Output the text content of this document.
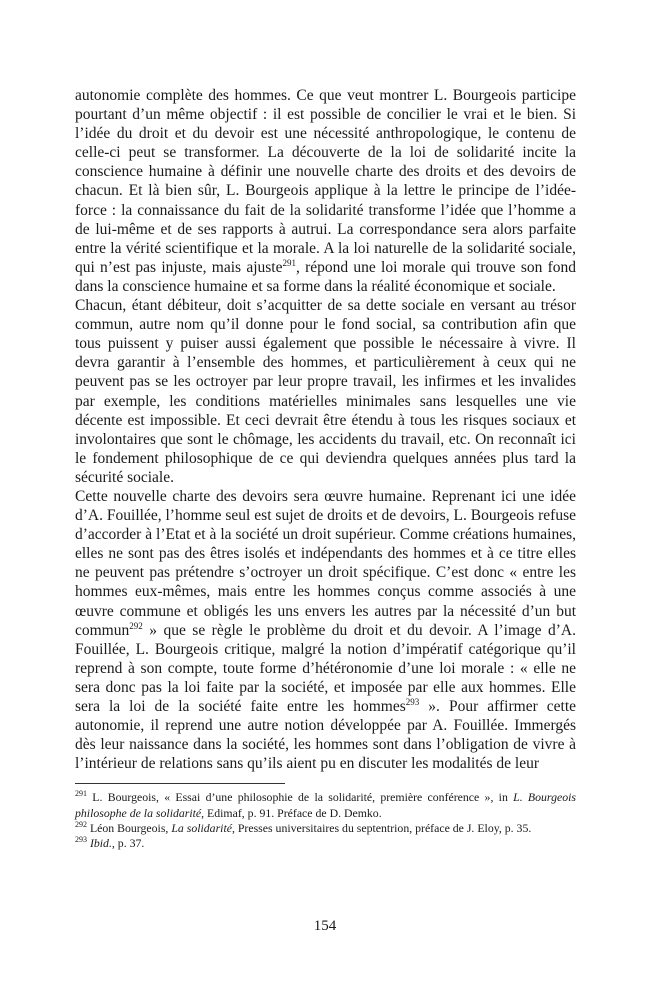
autonomie complète des hommes. Ce que veut montrer L. Bourgeois participe pourtant d’un même objectif : il est possible de concilier le vrai et le bien. Si l’idée du droit et du devoir est une nécessité anthropologique, le contenu de celle-ci peut se transformer. La découverte de la loi de solidarité incite la conscience humaine à définir une nouvelle charte des droits et des devoirs de chacun. Et là bien sûr, L. Bourgeois applique à la lettre le principe de l’idée-force : la connaissance du fait de la solidarité transforme l’idée que l’homme a de lui-même et de ses rapports à autrui. La correspondance sera alors parfaite entre la vérité scientifique et la morale. A la loi naturelle de la solidarité sociale, qui n’est pas injuste, mais ajuste$^{291}$, répond une loi morale qui trouve son fond dans la conscience humaine et sa forme dans la réalité économique et sociale.

Chacun, étant débiteur, doit s’acquitter de sa dette sociale en versant au trésor commun, autre nom qu’il donne pour le fond social, sa contribution afin que tous puissent y puiser aussi également que possible le nécessaire à vivre. Il devra garantir à l’ensemble des hommes, et particulièrement à ceux qui ne peuvent pas se les octroyer par leur propre travail, les infirmes et les invalides par exemple, les conditions matérielles minimales sans lesquelles une vie décente est impossible. Et ceci devrait être étendu à tous les risques sociaux et involontaires que sont le chômage, les accidents du travail, etc. On reconnaît ici le fondement philosophique de ce qui deviendra quelques années plus tard la sécurité sociale.

Cette nouvelle charte des devoirs sera œuvre humaine. Reprenant ici une idée d’A. Fouillée, l’homme seul est sujet de droits et de devoirs, L. Bourgeois refuse d’accorder à l’Etat et à la société un droit supérieur. Comme créations humaines, elles ne sont pas des êtres isolés et indépendants des hommes et à ce titre elles ne peuvent pas prétendre s’octroyer un droit spécifique. C’est donc « entre les hommes eux-mêmes, mais entre les hommes conçus comme associés à une œuvre commune et obligés les uns envers les autres par la nécessité d’un but commun$^{292}$ » que se règle le problème du droit et du devoir. A l’image d’A. Fouillée, L. Bourgeois critique, malgré la notion d’impératif catégorique qu’il reprend à son compte, toute forme d’hétéronomie d’une loi morale : « elle ne sera donc pas la loi faite par la société, et imposée par elle aux hommes. Elle sera la loi de la société faite entre les hommes$^{293}$ ». Pour affirmer cette autonomie, il reprend une autre notion développée par A. Fouillée. Immergés dès leur naissance dans la société, les hommes sont dans l’obligation de vivre à l’intérieur de relations sans qu’ils aient pu en discuter les modalités de leur

$^{291}$ L. Bourgeois, « Essai d’une philosophie de la solidarité, première conférence », in L. Bourgeois philosophe de la solidarité, Edimaf, p. 91. Préface de D. Demko.

$^{292}$ Léon Bourgeois, La solidarité, Presses universitaires du septentrion, préface de J. Eloy, p. 35.

$^{293}$ Ibid., p. 37.

154
